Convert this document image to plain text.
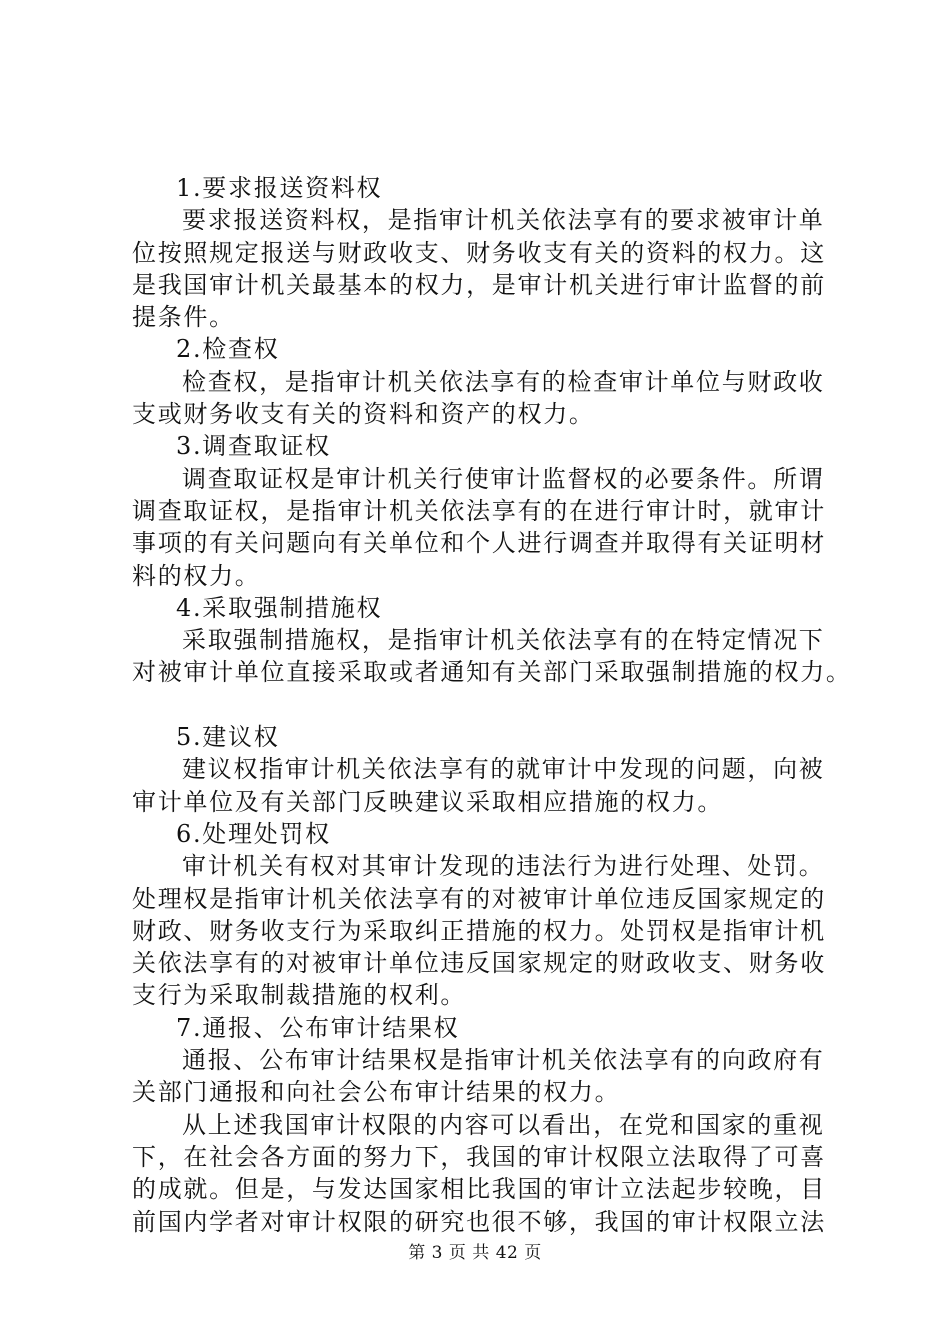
1.要求报送资料权
要求报送资料权，是指审计机关依法享有的要求被审计单
位按照规定报送与财政收支、财务收支有关的资料的权力。这
是我国审计机关最基本的权力，是审计机关进行审计监督的前
提条件。
2.检查权
检查权，是指审计机关依法享有的检查审计单位与财政收
支或财务收支有关的资料和资产的权力。
3.调查取证权
调查取证权是审计机关行使审计监督权的必要条件。所谓
调查取证权，是指审计机关依法享有的在进行审计时，就审计
事项的有关问题向有关单位和个人进行调查并取得有关证明材
料的权力。
4.采取强制措施权
采取强制措施权，是指审计机关依法享有的在特定情况下
对被审计单位直接采取或者通知有关部门采取强制措施的权力。
5.建议权
建议权指审计机关依法享有的就审计中发现的问题，向被
审计单位及有关部门反映建议采取相应措施的权力。
6.处理处罚权
审计机关有权对其审计发现的违法行为进行处理、处罚。
处理权是指审计机关依法享有的对被审计单位违反国家规定的
财政、财务收支行为采取纠正措施的权力。处罚权是指审计机
关依法享有的对被审计单位违反国家规定的财政收支、财务收
支行为采取制裁措施的权利。
7.通报、公布审计结果权
通报、公布审计结果权是指审计机关依法享有的向政府有
关部门通报和向社会公布审计结果的权力。
从上述我国审计权限的内容可以看出，在党和国家的重视
下，在社会各方面的努力下，我国的审计权限立法取得了可喜
的成就。但是，与发达国家相比我国的审计立法起步较晚，目
前国内学者对审计权限的研究也很不够，我国的审计权限立法
第 3 页 共 42 页
